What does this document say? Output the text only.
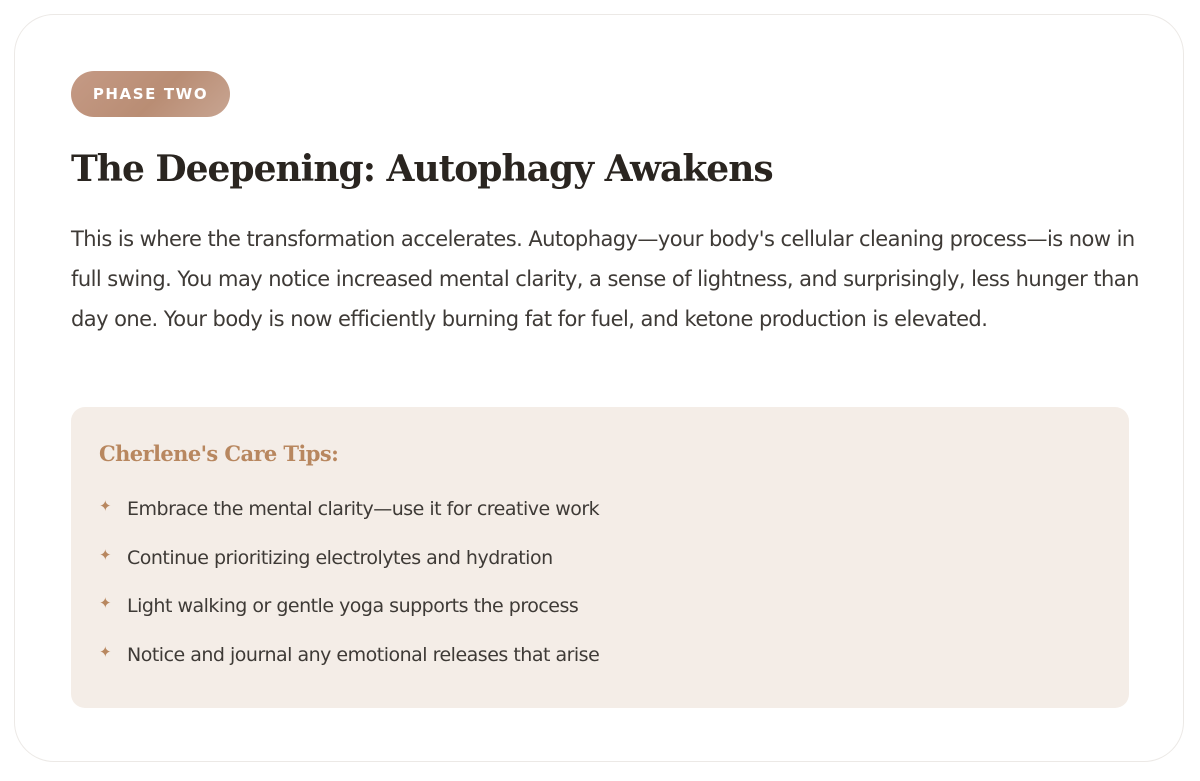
PHASE TWO
The Deepening: Autophagy Awakens

This is where the transformation accelerates. Autophagy—your body's cellular cleaning process—is now in full swing. You may notice increased mental clarity, a sense of lightness, and surprisingly, less hunger than day one. Your body is now efficiently burning fat for fuel, and ketone production is elevated.

Cherlene's Care Tips:
✦ Embrace the mental clarity—use it for creative work
✦ Continue prioritizing electrolytes and hydration
✦ Light walking or gentle yoga supports the process
✦ Notice and journal any emotional releases that arise
